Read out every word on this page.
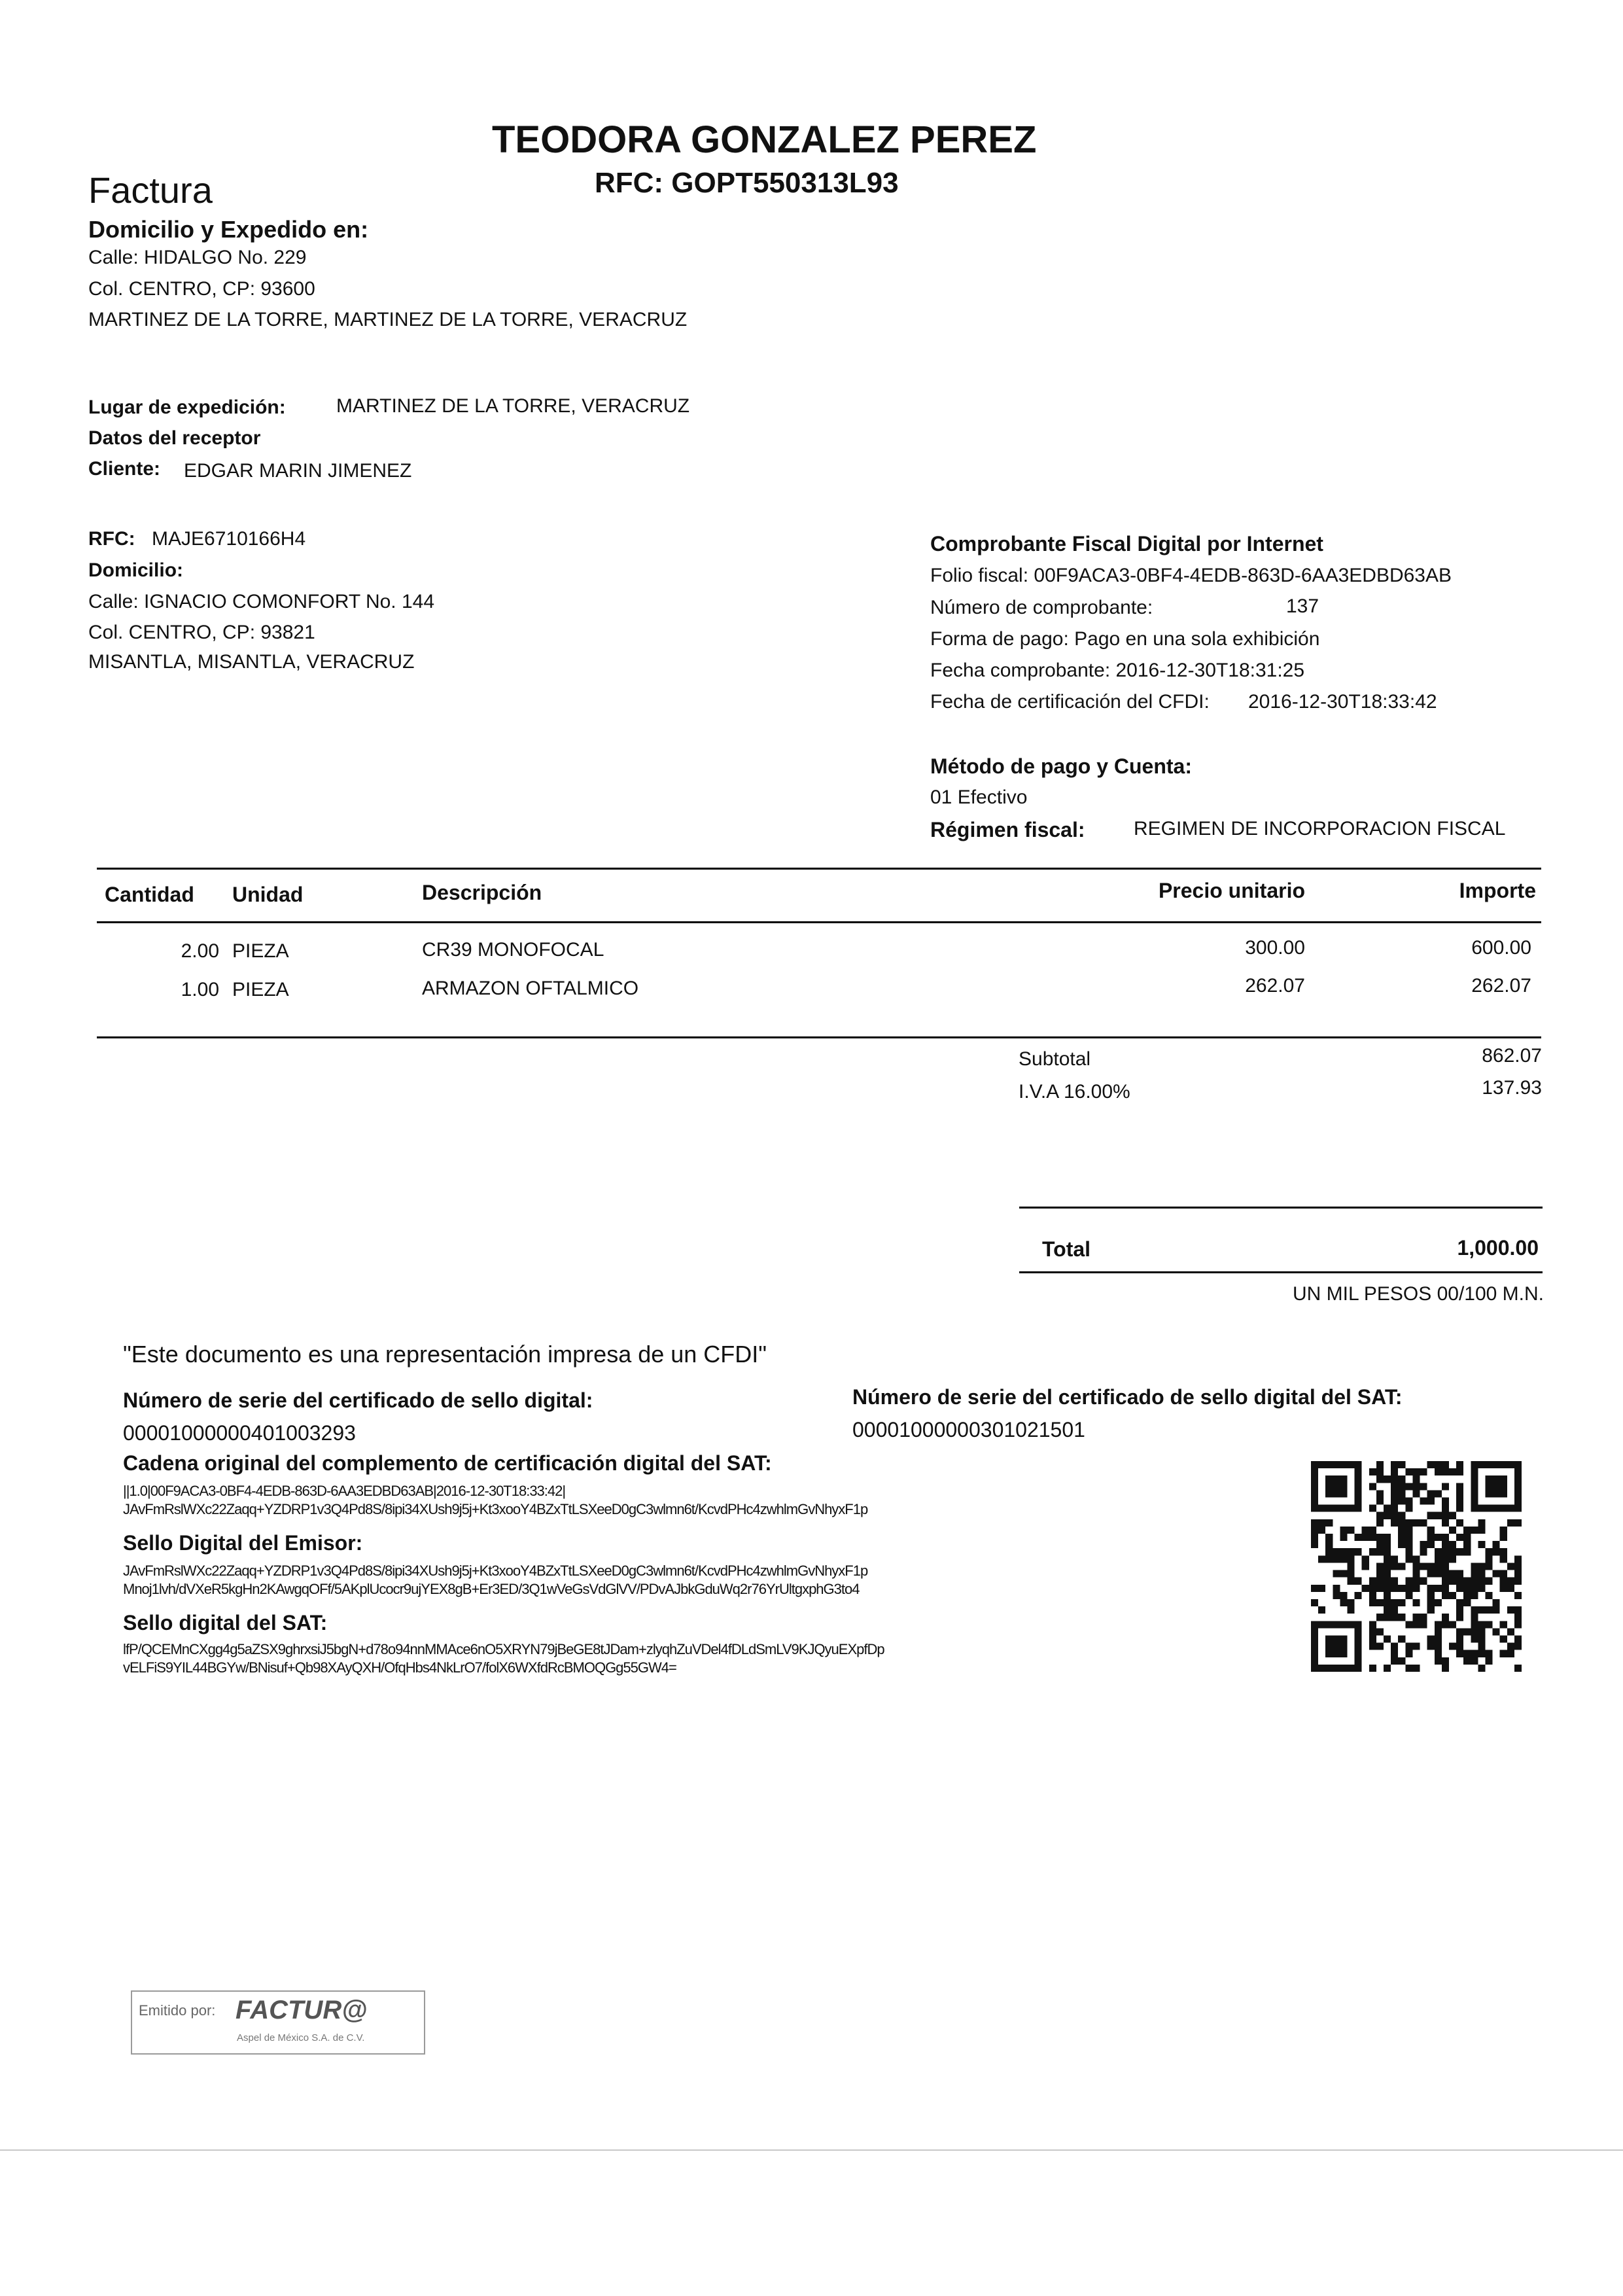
TEODORA GONZALEZ PEREZ
Factura	RFC: GOPT550313L93
Domicilio y Expedido en:
Calle: HIDALGO No. 229
Col. CENTRO, CP: 93600
MARTINEZ DE LA TORRE, MARTINEZ DE LA TORRE, VERACRUZ
Lugar de expedición:	MARTINEZ DE LA TORRE, VERACRUZ
Datos del receptor
Cliente: EDGAR MARIN JIMENEZ
RFC: MAJE6710166H4
Domicilio:
Calle: IGNACIO COMONFORT No. 144
Col. CENTRO, CP: 93821
MISANTLA, MISANTLA, VERACRUZ
Comprobante Fiscal Digital por Internet
Folio fiscal: 00F9ACA3-0BF4-4EDB-863D-6AA3EDBD63AB
Número de comprobante:	137
Forma de pago: Pago en una sola exhibición
Fecha comprobante: 2016-12-30T18:31:25
Fecha de certificación del CFDI: 2016-12-30T18:33:42
Método de pago y Cuenta:
01 Efectivo
Régimen fiscal: REGIMEN DE INCORPORACION FISCAL
Cantidad Unidad	Descripción	Precio unitario	Importe
2.00 PIEZA	CR39 MONOFOCAL	300.00	600.00
1.00 PIEZA	ARMAZON OFTALMICO	262.07	262.07
Subtotal	862.07
I.V.A 16.00%	137.93
Total	1,000.00
UN MIL PESOS 00/100 M.N.
"Este documento es una representación impresa de un CFDI"
Número de serie del certificado de sello digital:
00001000000401003293
Número de serie del certificado de sello digital del SAT:
00001000000301021501
Cadena original del complemento de certificación digital del SAT:
||1.0|00F9ACA3-0BF4-4EDB-863D-6AA3EDBD63AB|2016-12-30T18:33:42|
JAvFmRslWXc22Zaqq+YZDRP1v3Q4Pd8S/8ipi34XUsh9j5j+Kt3xooY4BZxTtLSXeeD0gC3wlmn6t/KcvdPHc4zwhlmGvNhyxF1p
Sello Digital del Emisor:
JAvFmRslWXc22Zaqq+YZDRP1v3Q4Pd8S/8ipi34XUsh9j5j+Kt3xooY4BZxTtLSXeeD0gC3wlmn6t/KcvdPHc4zwhlmGvNhyxF1p
Mnoj1lvh/dVXeR5kgHn2KAwgqOFf/5AKplUcocr9ujYEX8gB+Er3ED/3Q1wVeGsVdGlVV/PDvAJbkGduWq2r76YrUltgxphG3to4
Sello digital del SAT:
lfP/QCEMnCXgg4g5aZSX9ghrxsiJ5bgN+d78o94nnMMAce6nO5XRYN79jBeGE8tJDam+zlyqhZuVDel4fDLdSmLV9KJQyuEXpfDp
vELFiS9YIL44BGYw/BNisuf+Qb98XAyQXH/OfqHbs4NkLrO7/folX6WXfdRcBMOQGg55GW4=
Emitido por: FACTUR@
Aspel de México S.A. de C.V.
